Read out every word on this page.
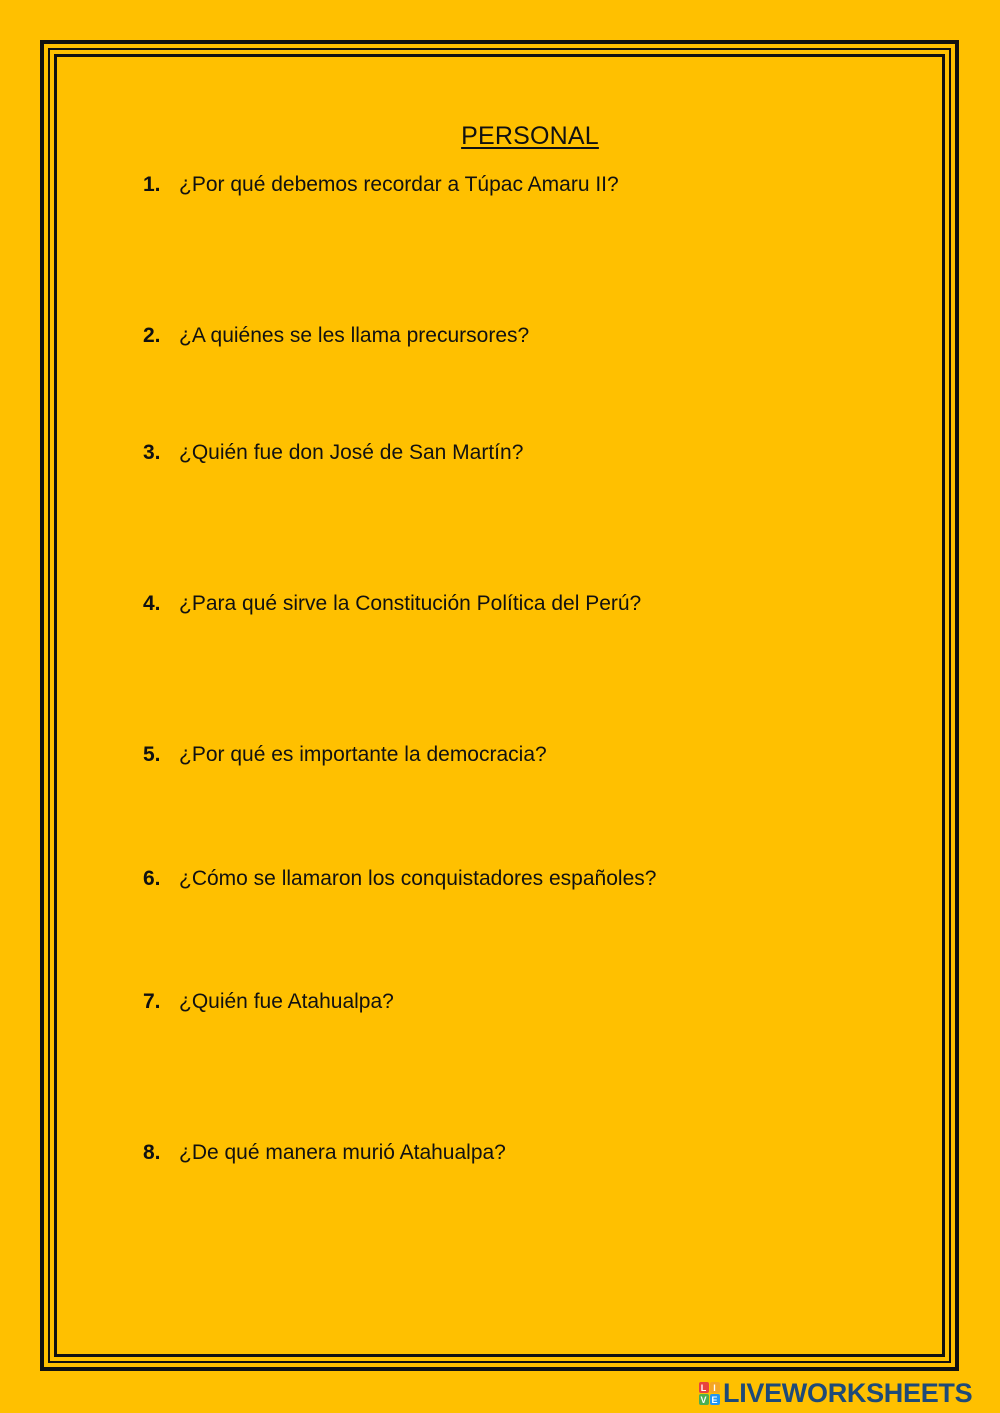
PERSONAL
1. ¿Por qué debemos recordar a Túpac Amaru II?
2. ¿A quiénes se les llama precursores?
3. ¿Quién fue don José de San Martín?
4. ¿Para qué sirve la Constitución Política del Perú?
5. ¿Por qué es importante la democracia?
6. ¿Cómo se llamaron los conquistadores españoles?
7. ¿Quién fue Atahualpa?
8. ¿De qué manera murió Atahualpa?
L I
V E LIVEWORKSHEETS
